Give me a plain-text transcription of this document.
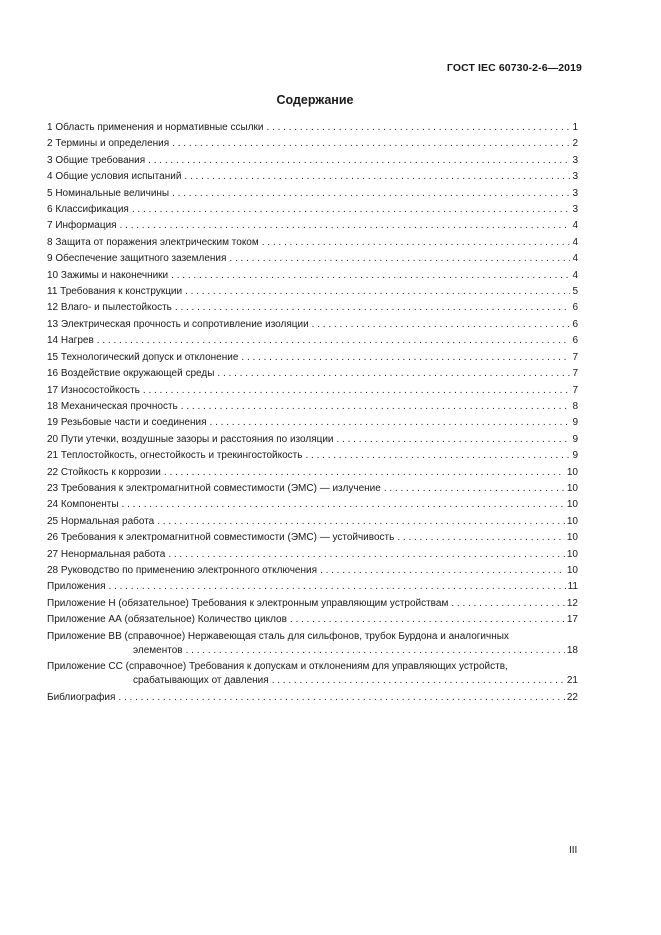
ГОСТ IEC 60730-2-6—2019
Содержание
1 Область применения и нормативные ссылки . . .	1
2 Термины и определения . . .	2
3 Общие требования . . .	3
4 Общие условия испытаний . . .	3
5 Номинальные величины . . .	3
6 Классификация . . .	3
7 Информация . . .	4
8 Защита от поражения электрическим током . . .	4
9 Обеспечение защитного заземления . . .	4
10 Зажимы и наконечники . . .	4
11 Требования к конструкции . . .	5
12 Влаго- и пылестойкость . . .	6
13 Электрическая прочность и сопротивление изоляции . . .	6
14 Нагрев . . .	6
15 Технологический допуск и отклонение . . .	7
16 Воздействие окружающей среды . . .	7
17 Износостойкость . . .	7
18 Механическая прочность . . .	8
19 Резьбовые части и соединения . . .	9
20 Пути утечки, воздушные зазоры и расстояния по изоляции . . .	9
21 Теплостойкость, огнестойкость и трекингостойкость . . .	9
22 Стойкость к коррозии . . .	10
23 Требования к электромагнитной совместимости (ЭМС) — излучение . . .	10
24 Компоненты . . .	10
25 Нормальная работа . . .	10
26 Требования к электромагнитной совместимости (ЭМС) — устойчивость . . .	10
27 Ненормальная работа . . .	10
28 Руководство по применению электронного отключения . . .	10
Приложения . . .	11
Приложение Н (обязательное) Требования к электронным управляющим устройствам . . .	12
Приложение АА (обязательное) Количество циклов . . .	17
Приложение ВВ (справочное) Нержавеющая сталь для сильфонов, трубок Бурдона и аналогичных
элементов . . .	18
Приложение СС (справочное) Требования к допускам и отклонениям для управляющих устройств,
срабатывающих от давления . . .	21
Библиография . . .	22
III
